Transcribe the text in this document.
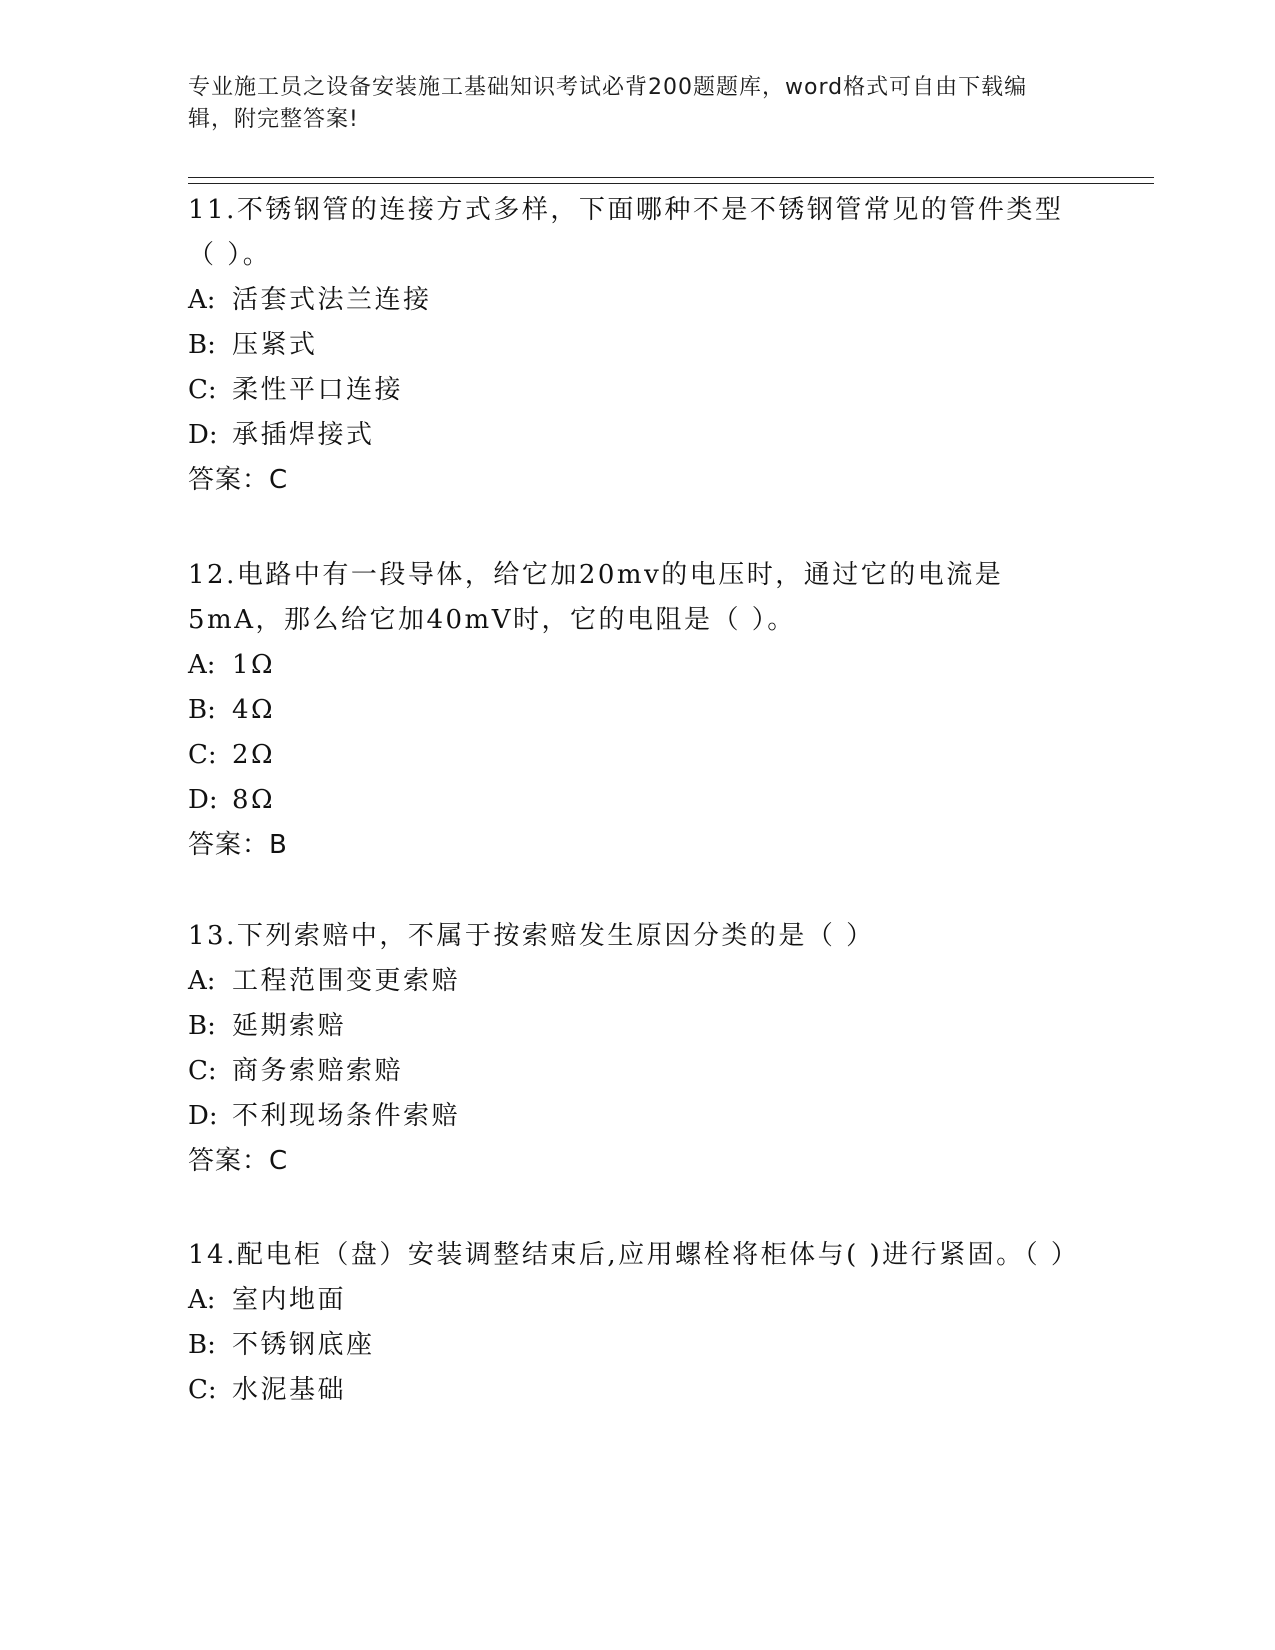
专业施工员之设备安装施工基础知识考试必背200题题库，word格式可自由下载编辑，附完整答案!

11.不锈钢管的连接方式多样，下面哪种不是不锈钢管常见的管件类型（ ）。

A: 活套式法兰连接

B: 压紧式

C: 柔性平口连接

D: 承插焊接式

答案：C

12.电路中有一段导体，给它加20mv的电压时，通过它的电流是5mA，那么给它加40mV时，它的电阻是（ ）。

A: 1Ω

B: 4Ω

C: 2Ω

D: 8Ω

答案：B

13.下列索赔中，不属于按索赔发生原因分类的是（ ）

A: 工程范围变更索赔

B: 延期索赔

C: 商务索赔索赔

D: 不利现场条件索赔

答案：C

14.配电柜（盘）安装调整结束后,应用螺栓将柜体与( )进行紧固。（ ）

A: 室内地面

B: 不锈钢底座

C: 水泥基础
